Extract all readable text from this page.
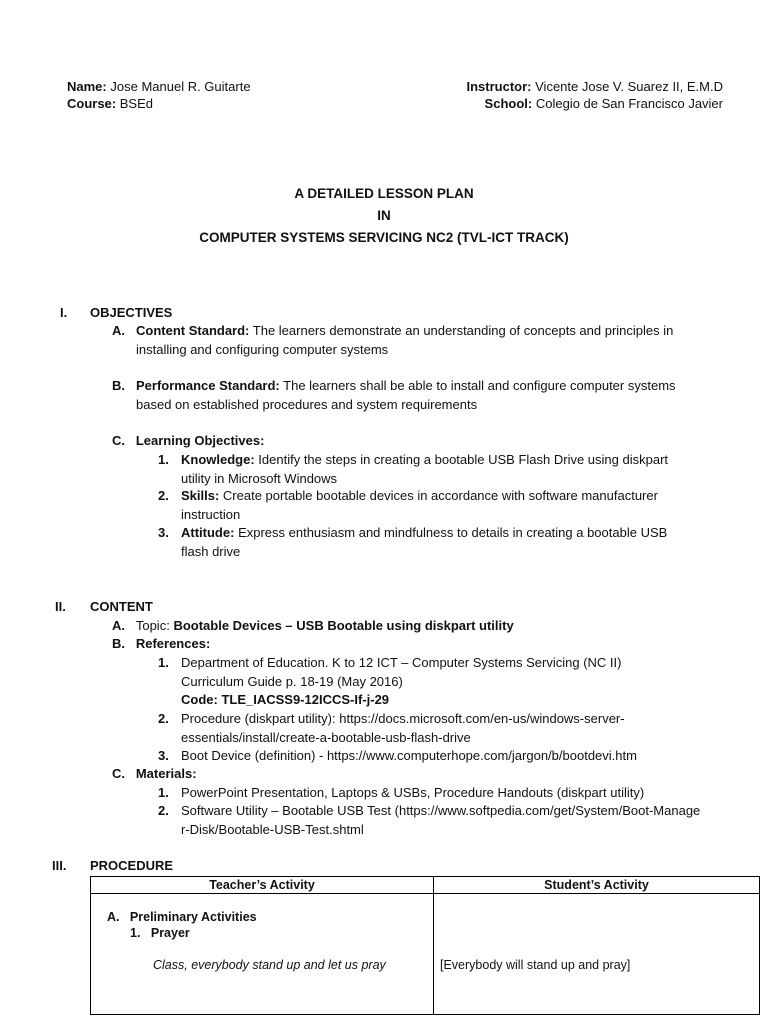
Name: Jose Manuel R. Guitarte
Course: BSEd
Instructor: Vicente Jose V. Suarez II, E.M.D
School: Colegio de San Francisco Javier
A DETAILED LESSON PLAN
IN
COMPUTER SYSTEMS SERVICING NC2 (TVL-ICT TRACK)
I. OBJECTIVES
A. Content Standard: The learners demonstrate an understanding of concepts and principles in installing and configuring computer systems
B. Performance Standard: The learners shall be able to install and configure computer systems based on established procedures and system requirements
C. Learning Objectives:
1. Knowledge: Identify the steps in creating a bootable USB Flash Drive using diskpart utility in Microsoft Windows
2. Skills: Create portable bootable devices in accordance with software manufacturer instruction
3. Attitude: Express enthusiasm and mindfulness to details in creating a bootable USB flash drive
II. CONTENT
A. Topic: Bootable Devices – USB Bootable using diskpart utility
B. References:
1. Department of Education. K to 12 ICT – Computer Systems Servicing (NC II) Curriculum Guide p. 18-19 (May 2016)
Code: TLE_IACSS9-12ICCS-If-j-29
2. Procedure (diskpart utility): https://docs.microsoft.com/en-us/windows-server-essentials/install/create-a-bootable-usb-flash-drive
3. Boot Device (definition) - https://www.computerhope.com/jargon/b/bootdevi.htm
C. Materials:
1. PowerPoint Presentation, Laptops & USBs, Procedure Handouts (diskpart utility)
2. Software Utility – Bootable USB Test (https://www.softpedia.com/get/System/Boot-Manager-Disk/Bootable-USB-Test.shtml
III. PROCEDURE
Teacher’s Activity	Student’s Activity

A. Preliminary Activities
1. Prayer
Class, everybody stand up and let us pray	[Everybody will stand up and pray]
